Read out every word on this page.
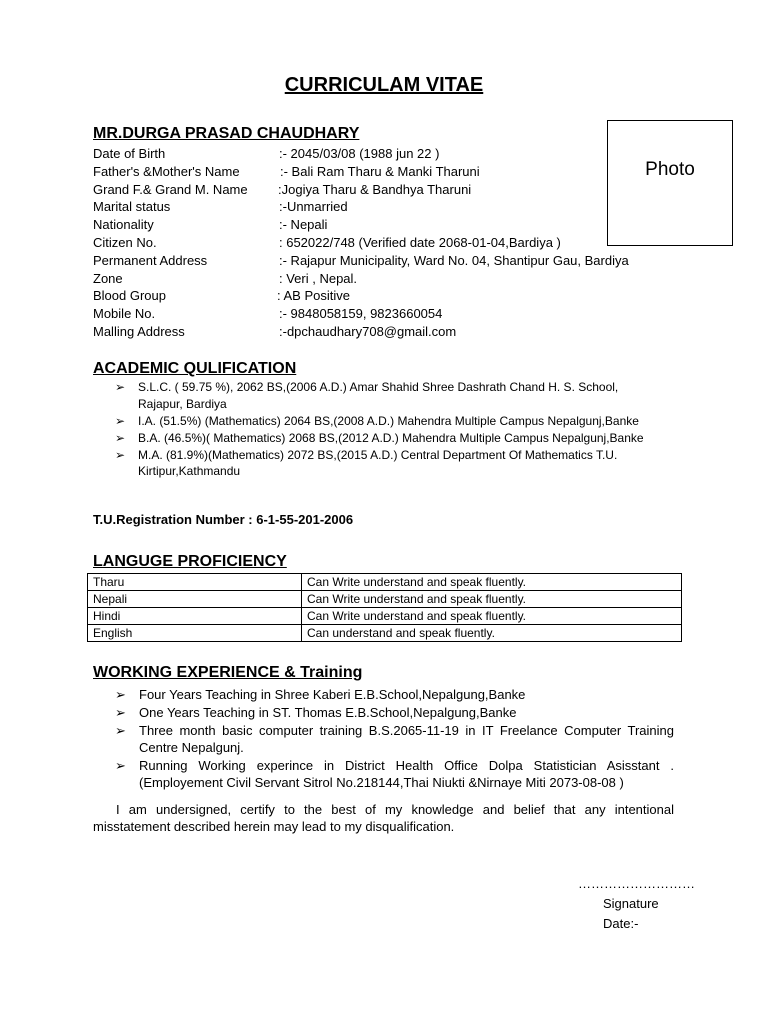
CURRICULAM VITAE
Photo
MR.DURGA PRASAD CHAUDHARY
Date of Birth	:- 2045/03/08 (1988 jun 22 )
Father's &Mother's Name	:- Bali Ram Tharu & Manki Tharuni
Grand F.& Grand M. Name :Jogiya Tharu & Bandhya Tharuni
Marital status	:-Unmarried
Nationality	:- Nepali
Citizen No.	: 652022/748 (Verified date 2068-01-04,Bardiya )
Permanent Address	:- Rajapur Municipality, Ward No. 04, Shantipur Gau, Bardiya
Zone	: Veri , Nepal.
Blood Group	: AB Positive
Mobile No.	:- 9848058159, 9823660054
Malling Address	:-dpchaudhary708@gmail.com
ACADEMIC QULIFICATION
➢ S.L.C. ( 59.75 %), 2062 BS,(2006 A.D.) Amar Shahid Shree Dashrath Chand H. S. School, Rajapur, Bardiya
➢ I.A. (51.5%) (Mathematics) 2064 BS,(2008 A.D.) Mahendra Multiple Campus Nepalgunj,Banke
➢ B.A. (46.5%)( Mathematics) 2068 BS,(2012 A.D.) Mahendra Multiple Campus Nepalgunj,Banke
➢ M.A. (81.9%)(Mathematics) 2072 BS,(2015 A.D.) Central Department Of Mathematics T.U. Kirtipur,Kathmandu
T.U.Registration Number : 6-1-55-201-2006
LANGUGE PROFICIENCY
Tharu	Can Write understand and speak fluently.
Nepali	Can Write understand and speak fluently.
Hindi	Can Write understand and speak fluently.
English	Can understand and speak fluently.
WORKING EXPERIENCE & Training
➢ Four Years Teaching in Shree Kaberi E.B.School,Nepalgung,Banke
➢ One Years Teaching in ST. Thomas E.B.School,Nepalgung,Banke
➢ Three month basic computer training B.S.2065-11-19 in IT Freelance Computer Training Centre Nepalgunj.
➢ Running Working experince in District Health Office Dolpa Statistician Asisstant . (Employement Civil Servant Sitrol No.218144,Thai Niukti &Nirnaye Miti 2073-08-08 )
I am undersigned, certify to the best of my knowledge and belief that any intentional misstatement described herein may lead to my disqualification.
………………………
Signature
Date:-
